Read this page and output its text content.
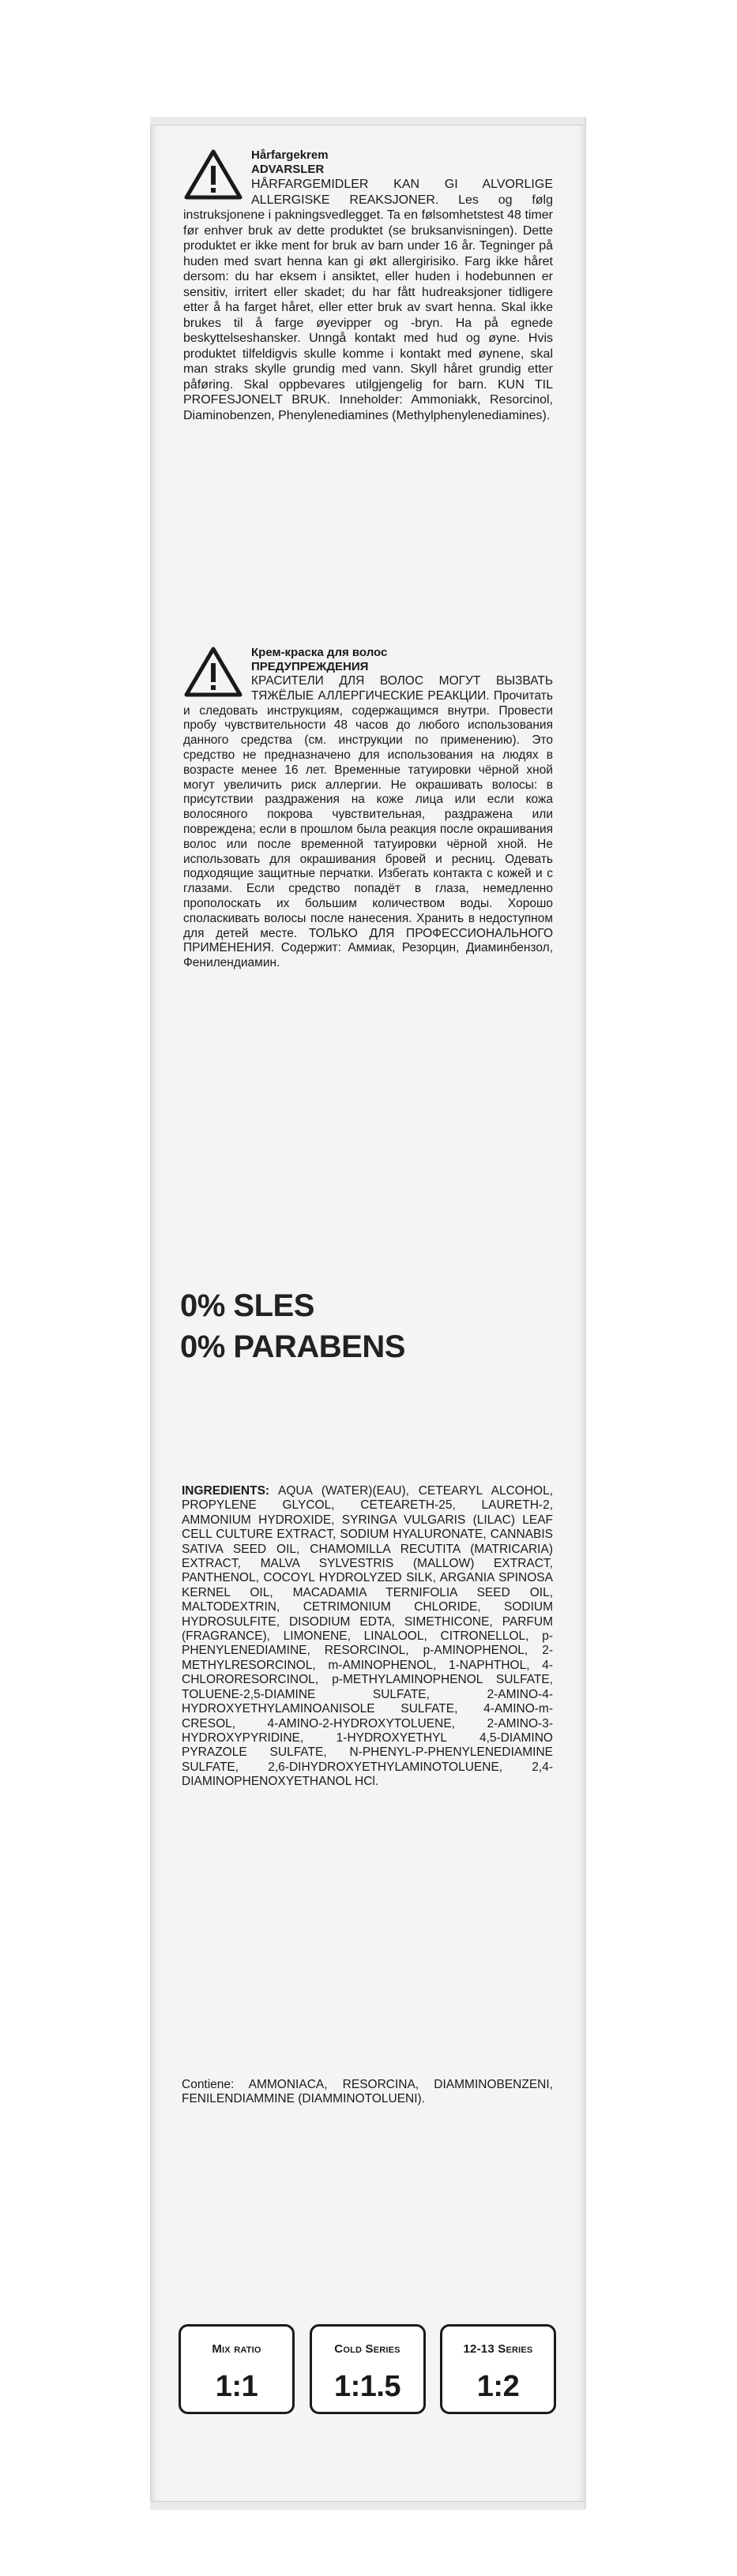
Hårfargekrem
ADVARSLER
HÅRFARGEMIDLER KAN GI ALVORLIGE ALLERGISKE REAKSJONER. Les og følg instruksjonene i pakningsvedlegget. Ta en følsomhetstest 48 timer før enhver bruk av dette produktet (se bruksanvisningen). Dette produktet er ikke ment for bruk av barn under 16 år. Tegninger på huden med svart henna kan gi økt allergirisiko. Farg ikke håret dersom: du har eksem i ansiktet, eller huden i hodebunnen er sensitiv, irritert eller skadet; du har fått hudreaksjoner tidligere etter å ha farget håret, eller etter bruk av svart henna. Skal ikke brukes til å farge øyevipper og -bryn. Ha på egnede beskyttelseshansker. Unngå kontakt med hud og øyne. Hvis produktet tilfeldigvis skulle komme i kontakt med øynene, skal man straks skylle grundig med vann. Skyll håret grundig etter påføring. Skal oppbevares utilgjengelig for barn. KUN TIL PROFESJONELT BRUK. Inneholder: Ammoniakk, Resorcinol, Diaminobenzen, Phenylenediamines (Methylphenylenediamines).
Крем-краска для волос
ПРЕДУПРЕЖДЕНИЯ
КРАСИТЕЛИ ДЛЯ ВОЛОС МОГУТ ВЫЗВАТЬ ТЯЖЁЛЫЕ АЛЛЕРГИЧЕСКИЕ РЕАКЦИИ. Прочитать и следовать инструкциям, содержащимся внутри. Провести пробу чувствительности 48 часов до любого использования данного средства (см. инструкции по применению). Это средство не предназначено для использования на людях в возрасте менее 16 лет. Временные татуировки чёрной хной могут увеличить риск аллергии. Не окрашивать волосы: в присутствии раздражения на коже лица или если кожа волосяного покрова чувствительная, раздражена или повреждена; если в прошлом была реакция после окрашивания волос или после временной татуировки чёрной хной. Не использовать для окрашивания бровей и ресниц. Одевать подходящие защитные перчатки. Избегать контакта с кожей и с глазами. Если средство попадёт в глаза, немедленно прополоскать их большим количеством воды. Хорошо споласкивать волосы после нанесения. Хранить в недоступном для детей месте. ТОЛЬКО ДЛЯ ПРОФЕССИОНАЛЬНОГО ПРИМЕНЕНИЯ. Содержит: Аммиак, Резорцин, Диаминбензол, Фенилендиамин.
0% SLES
0% PARABENS
INGREDIENTS: AQUA (WATER)(EAU), CETEARYL ALCOHOL, PROPYLENE GLYCOL, CETEARETH-25, LAURETH-2, AMMONIUM HYDROXIDE, SYRINGA VULGARIS (LILAC) LEAF CELL CULTURE EXTRACT, SODIUM HYALURONATE, CANNABIS SATIVA SEED OIL, CHAMOMILLA RECUTITA (MATRICARIA) EXTRACT, MALVA SYLVESTRIS (MALLOW) EXTRACT, PANTHENOL, COCOYL HYDROLYZED SILK, ARGANIA SPINOSA KERNEL OIL, MACADAMIA TERNIFOLIA SEED OIL, MALTODEXTRIN, CETRIMONIUM CHLORIDE, SODIUM HYDROSULFITE, DISODIUM EDTA, SIMETHICONE, PARFUM (FRAGRANCE), LIMONENE, LINALOOL, CITRONELLOL, p-PHENYLENEDIAMINE, RESORCINOL, p-AMINOPHENOL, 2-METHYLRESORCINOL, m-AMINOPHENOL, 1-NAPHTHOL, 4-CHLORORESORCINOL, p-METHYLAMINOPHENOL SULFATE, TOLUENE-2,5-DIAMINE SULFATE, 2-AMINO-4-HYDROXYETHYLAMINOANISOLE SULFATE, 4-AMINO-m-CRESOL, 4-AMINO-2-HYDROXYTOLUENE, 2-AMINO-3-HYDROXYPYRIDINE, 1-HYDROXYETHYL 4,5-DIAMINO PYRAZOLE SULFATE, N-PHENYL-P-PHENYLENEDIAMINE SULFATE, 2,6-DIHYDROXYETHYLAMINOTOLUENE, 2,4-DIAMINOPHENOXYETHANOL HCl.
Contiene: AMMONIACA, RESORCINA, DIAMMINOBENZENI, FENILENDIAMMINE (DIAMMINOTOLUENI).
Mix ratio
1:1
Cold Series
1:1.5
12-13 Series
1:2
